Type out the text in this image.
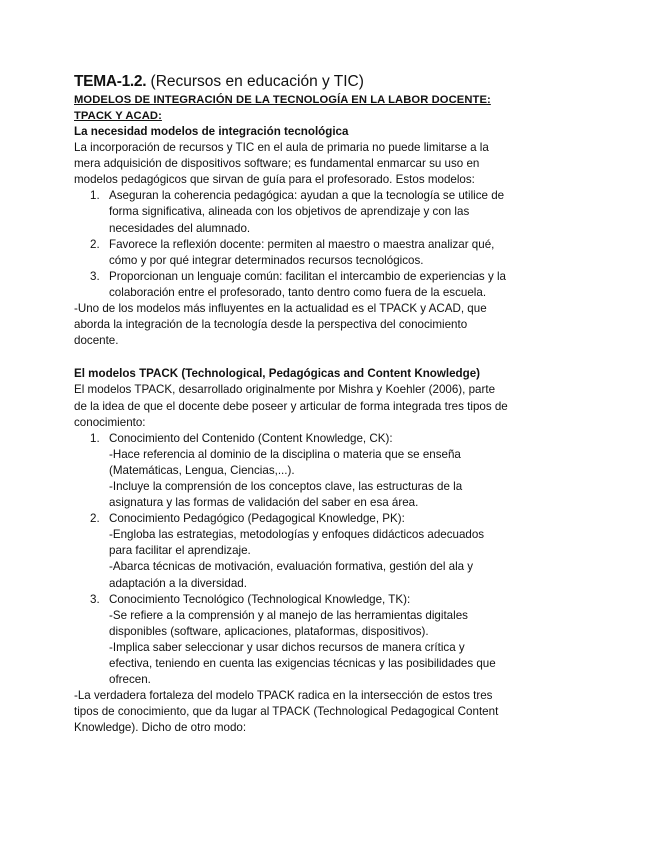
TEMA-1.2. (Recursos en educación y TIC)

MODELOS DE INTEGRACIÓN DE LA TECNOLOGÍA EN LA LABOR DOCENTE:

TPACK Y ACAD:

La necesidad modelos de integración tecnológica

La incorporación de recursos y TIC en el aula de primaria no puede limitarse a la

mera adquisición de dispositivos software; es fundamental enmarcar su uso en

modelos pedagógicos que sirvan de guía para el profesorado. Estos modelos:

1. Aseguran la coherencia pedagógica: ayudan a que la tecnología se utilice de

forma significativa, alineada con los objetivos de aprendizaje y con las

necesidades del alumnado.

2. Favorece la reflexión docente: permiten al maestro o maestra analizar qué,

cómo y por qué integrar determinados recursos tecnológicos.

3. Proporcionan un lenguaje común: facilitan el intercambio de experiencias y la

colaboración entre el profesorado, tanto dentro como fuera de la escuela.

-Uno de los modelos más influyentes en la actualidad es el TPACK y ACAD, que

aborda la integración de la tecnología desde la perspectiva del conocimiento

docente.

El modelos TPACK (Technological, Pedagógicas and Content Knowledge)

El modelos TPACK, desarrollado originalmente por Mishra y Koehler (2006), parte

de la idea de que el docente debe poseer y articular de forma integrada tres tipos de

conocimiento:

1. Conocimiento del Contenido (Content Knowledge, CK):

-Hace referencia al dominio de la disciplina o materia que se enseña

(Matemáticas, Lengua, Ciencias,...).

-Incluye la comprensión de los conceptos clave, las estructuras de la

asignatura y las formas de validación del saber en esa área.

2. Conocimiento Pedagógico (Pedagogical Knowledge, PK):

-Engloba las estrategias, metodologías y enfoques didácticos adecuados

para facilitar el aprendizaje.

-Abarca técnicas de motivación, evaluación formativa, gestión del ala y

adaptación a la diversidad.

3. Conocimiento Tecnológico (Technological Knowledge, TK):

-Se refiere a la comprensión y al manejo de las herramientas digitales

disponibles (software, aplicaciones, plataformas, dispositivos).

-Implica saber seleccionar y usar dichos recursos de manera crítica y

efectiva, teniendo en cuenta las exigencias técnicas y las posibilidades que

ofrecen.

-La verdadera fortaleza del modelo TPACK radica en la intersección de estos tres

tipos de conocimiento, que da lugar al TPACK (Technological Pedagogical Content

Knowledge). Dicho de otro modo:
